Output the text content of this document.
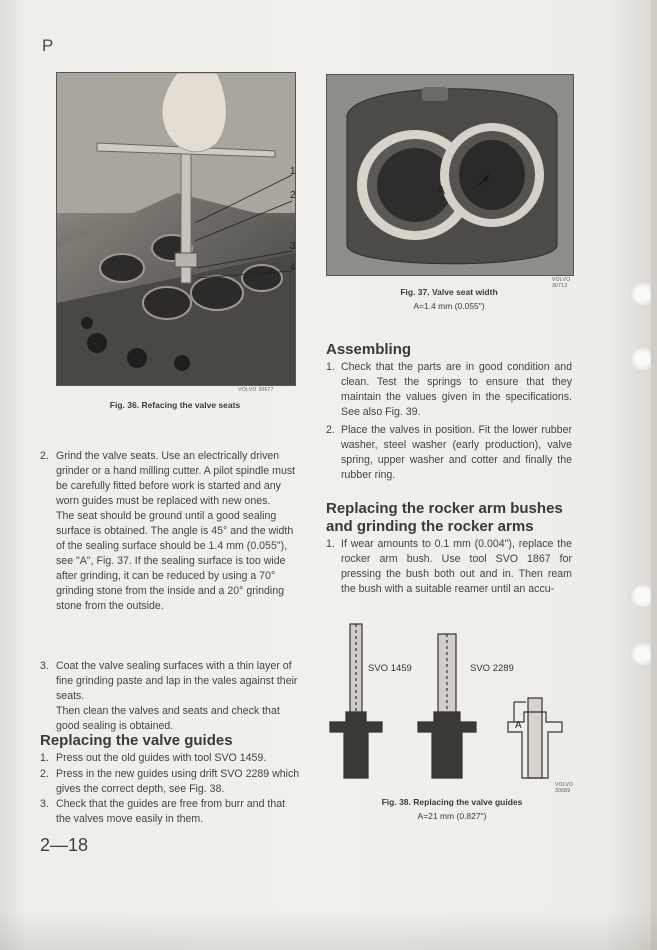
P
1
2
3
4
VOLVO 30677
Fig. 36. Refacing the valve seats
A
VOLVO 30713
Fig. 37. Valve seat width
A=1.4 mm (0.055")
Assembling
1. Check that the parts are in good condition and clean. Test the springs to ensure that they maintain the values given in the specifications. See also Fig. 39.
2. Place the valves in position. Fit the lower rubber washer, steel washer (early production), valve spring, upper washer and cotter and finally the rubber ring.
Replacing the rocker arm bushes and grinding the rocker arms
1. If wear amounts to 0.1 mm (0.004"), replace the rocker arm bush. Use tool SVO 1867 for pressing the bush both out and in. Then ream the bush with a suitable reamer until an accu-
SVO 1459	SVO 2289
A
VOLVO 30689
Fig. 38. Replacing the valve guides
A=21 mm (0.827")
2. Grind the valve seats. Use an electrically driven grinder or a hand milling cutter. A pilot spindle must be carefully fitted before work is started and any worn guides must be replaced with new ones.
The seat should be ground until a good sealing surface is obtained. The angle is 45° and the width of the sealing surface should be 1.4 mm (0.055"), see "A", Fig. 37. If the sealing surface is too wide after grinding, it can be reduced by using a 70° grinding stone from the inside and a 20° grinding stone from the outside.
3. Coat the valve sealing surfaces with a thin layer of fine grinding paste and lap in the vales against their seats.
Then clean the valves and seats and check that good sealing is obtained.
Replacing the valve guides
1. Press out the old guides with tool SVO 1459.
2. Press in the new guides using drift SVO 2289 which gives the correct depth, see Fig. 38.
3. Check that the guides are free from burr and that the valves move easily in them.
2—18
